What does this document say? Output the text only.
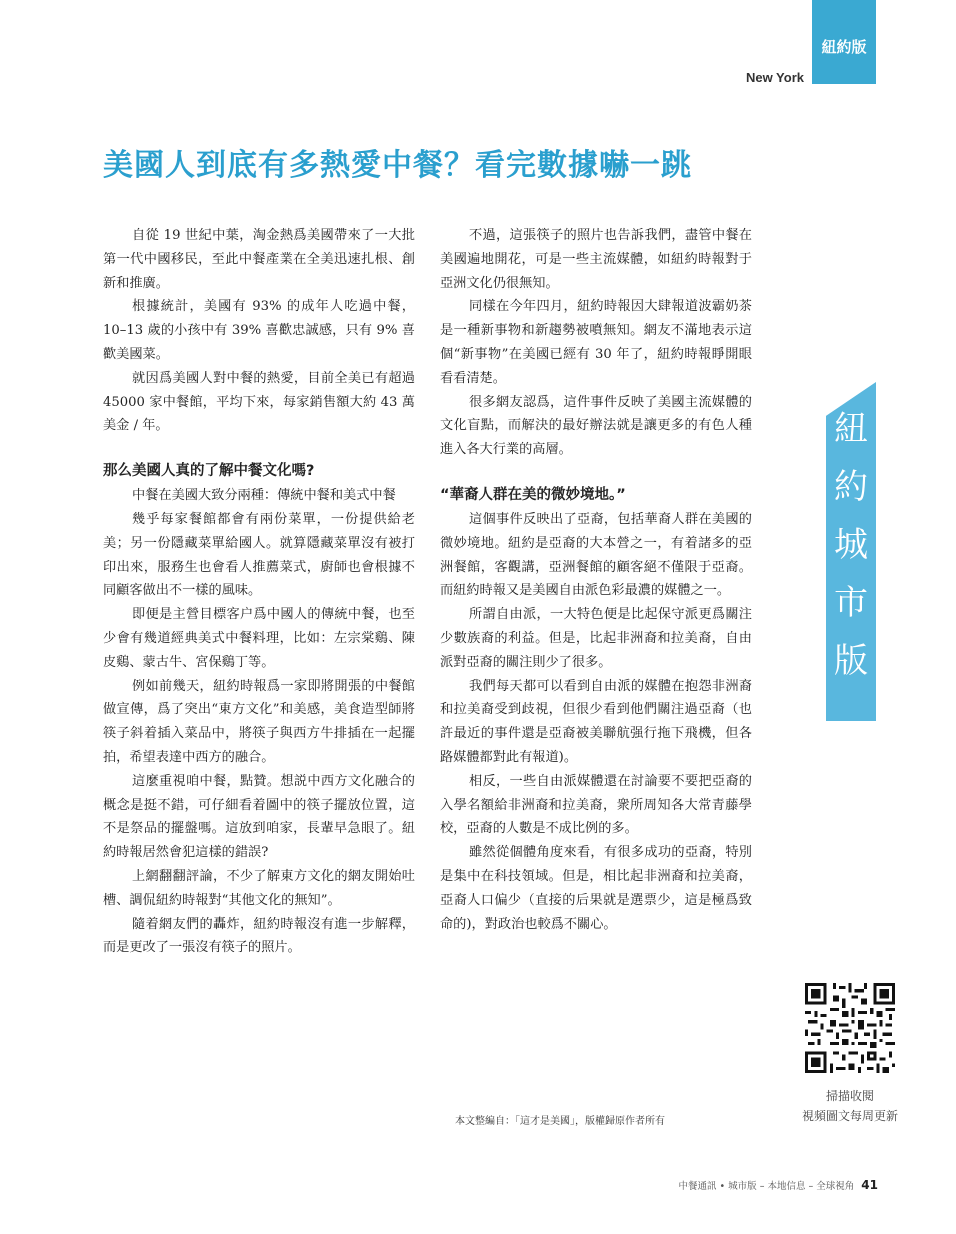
紐約版
New York
美國人到底有多熱愛中餐？看完數據嚇一跳
紐
約
城
市
版

自從 19 世紀中葉，淘金熱爲美國帶來了一大批第一代中國移民，至此中餐產業在全美迅速扎根、創新和推廣。

根據統計，美國有 93% 的成年人吃過中餐，10–13 歲的小孩中有 39% 喜歡忠誠感，只有 9% 喜歡美國菜。

就因爲美國人對中餐的熱愛，目前全美已有超過 45000 家中餐館，平均下來，每家銷售額大約 43 萬美金 / 年。

那么美國人真的了解中餐文化嗎?

中餐在美國大致分兩種：傳統中餐和美式中餐

幾乎每家餐館都會有兩份菜單，一份提供給老美；另一份隱藏菜單給國人。就算隱藏菜單沒有被打印出來，服務生也會看人推薦菜式，廚師也會根據不同顧客做出不一樣的風味。

即便是主營目標客户爲中國人的傳統中餐，也至少會有幾道經典美式中餐料理，比如：左宗棠鷄、陳皮鷄、蒙古牛、宮保鷄丁等。

例如前幾天，紐約時報爲一家即將開張的中餐館做宣傳，爲了突出“東方文化”和美感，美食造型師將筷子斜着插入菜品中，將筷子與西方牛排插在一起擺拍，希望表達中西方的融合。

這麼重視咱中餐，點贊。想説中西方文化融合的概念是挺不錯，可仔細看着圖中的筷子擺放位置，這不是祭品的擺盤嗎。這放到咱家，長輩早急眼了。紐約時報居然會犯這樣的錯誤?

上網翻翻評論，不少了解東方文化的網友開始吐槽、調侃紐約時報對“其他文化的無知”。

隨着網友們的轟炸，紐約時報沒有進一步解釋，而是更改了一張沒有筷子的照片。

不過，這張筷子的照片也告訴我們，盡管中餐在美國遍地開花，可是一些主流媒體，如紐約時報對于亞洲文化仍很無知。

同樣在今年四月，紐約時報因大肆報道波霸奶茶是一種新事物和新趨勢被噴無知。網友不滿地表示這個“新事物”在美國已經有 30 年了，紐約時報睜開眼看看清楚。

很多網友認爲，這件事件反映了美國主流媒體的文化盲點，而解決的最好辦法就是讓更多的有色人種進入各大行業的高層。

“華裔人群在美的微妙境地。”

這個事件反映出了亞裔，包括華裔人群在美國的微妙境地。紐約是亞裔的大本營之一，有着諸多的亞洲餐館，客觀講，亞洲餐館的顧客絕不僅限于亞裔。而紐約時報又是美國自由派色彩最濃的媒體之一。

所謂自由派，一大特色便是比起保守派更爲關注少數族裔的利益。但是，比起非洲裔和拉美裔，自由派對亞裔的關注則少了很多。

我們每天都可以看到自由派的媒體在抱怨非洲裔和拉美裔受到歧視，但很少看到他們關注過亞裔（也許最近的事件還是亞裔被美聯航强行拖下飛機，但各路媒體都對此有報道)。

相反，一些自由派媒體還在討論要不要把亞裔的入學名額給非洲裔和拉美裔，衆所周知各大常青藤學校，亞裔的人數是不成比例的多。

雖然從個體角度來看，有很多成功的亞裔，特別是集中在科技領域。但是，相比起非洲裔和拉美裔，亞裔人口偏少（直接的后果就是選票少，這是極爲致命的)，對政治也較爲不關心。

本文整編自：「這才是美國」，版權歸原作者所有
掃描收閱
視頻圖文每周更新
中餐通訊 • 城市版 – 本地信息 – 全球視角 41
